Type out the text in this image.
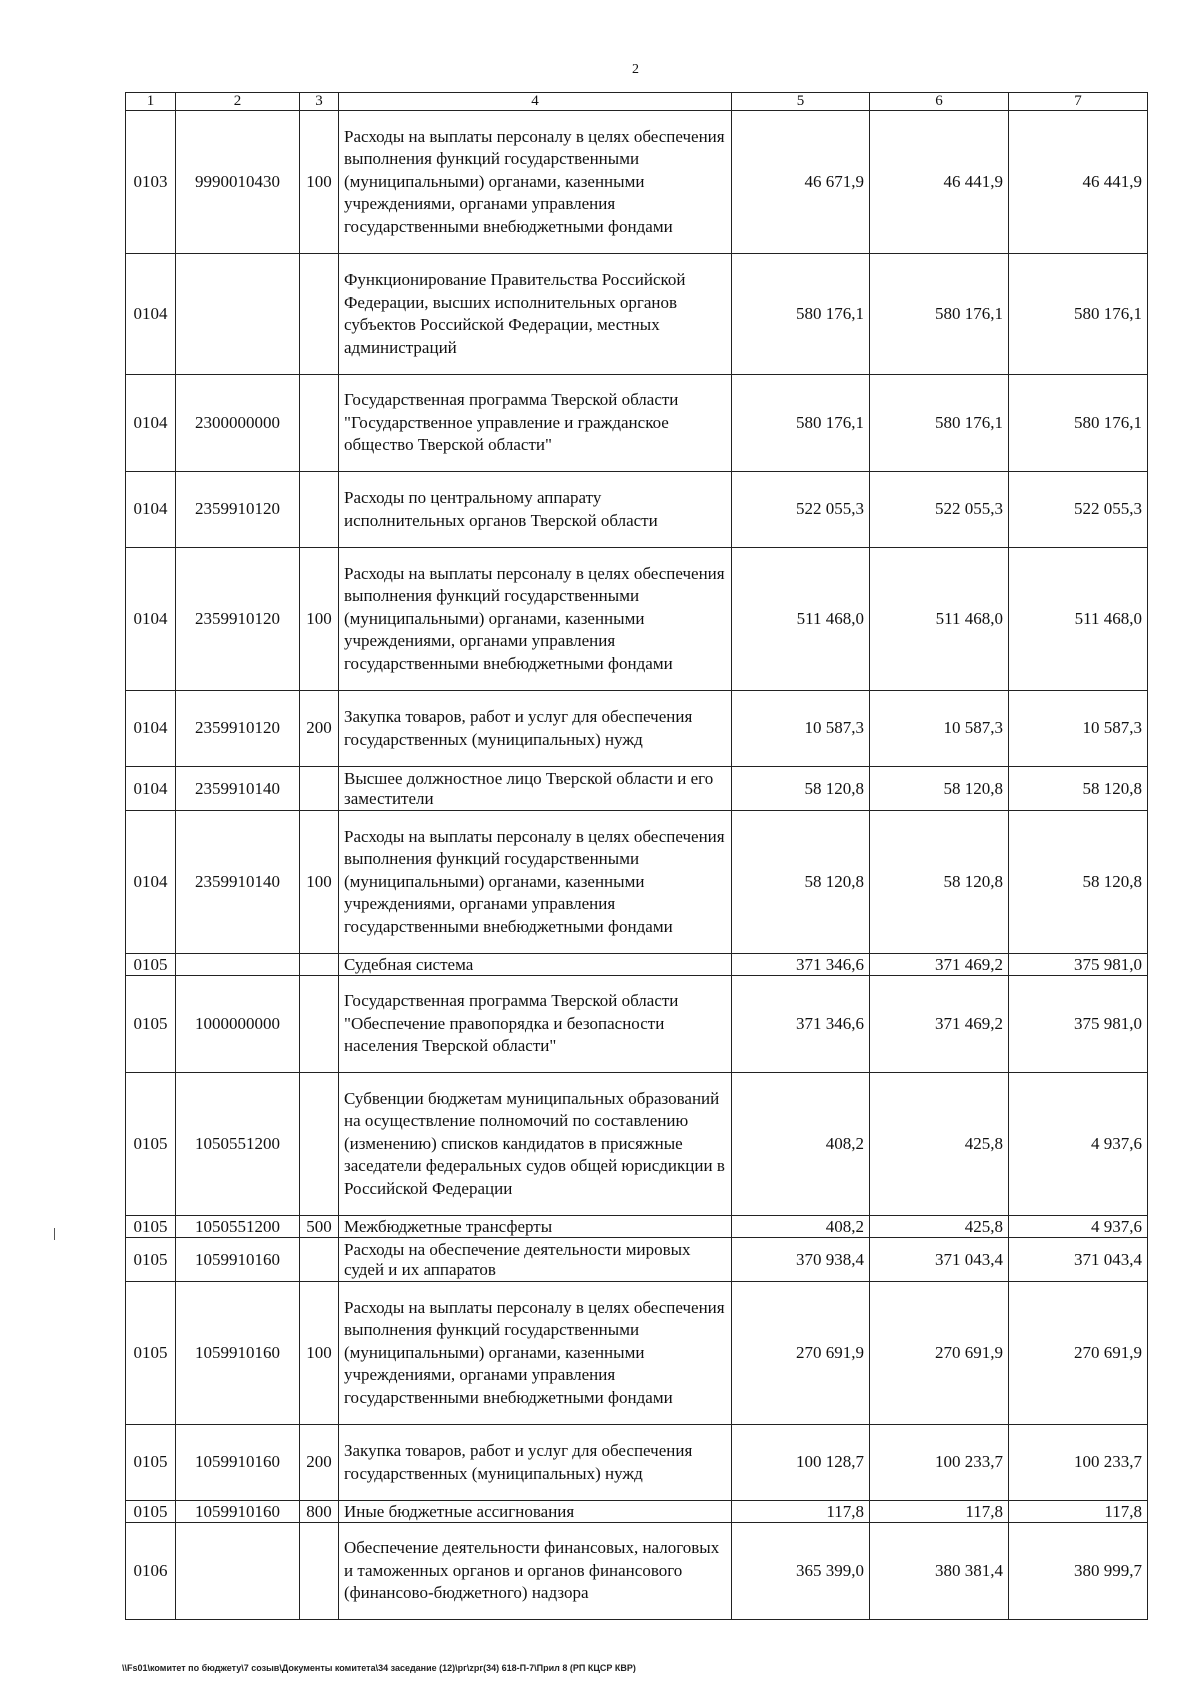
2
1	2	3	4	5	6	7
0103	9990010430	100	Расходы на выплаты персоналу в целях обеспечения выполнения функций государственными (муниципальными) органами, казенными учреждениями, органами управления государственными внебюджетными фондами	46 671,9	46 441,9	46 441,9
0104			Функционирование Правительства Российской Федерации, высших исполнительных органов субъектов Российской Федерации, местных администраций	580 176,1	580 176,1	580 176,1
0104	2300000000		Государственная программа Тверской области "Государственное управление и гражданское общество Тверской области"	580 176,1	580 176,1	580 176,1
0104	2359910120		Расходы по центральному аппарату исполнительных органов Тверской области	522 055,3	522 055,3	522 055,3
0104	2359910120	100	Расходы на выплаты персоналу в целях обеспечения выполнения функций государственными (муниципальными) органами, казенными учреждениями, органами управления государственными внебюджетными фондами	511 468,0	511 468,0	511 468,0
0104	2359910120	200	Закупка товаров, работ и услуг для обеспечения государственных (муниципальных) нужд	10 587,3	10 587,3	10 587,3
0104	2359910140		Высшее должностное лицо Тверской области и его заместители	58 120,8	58 120,8	58 120,8
0104	2359910140	100	Расходы на выплаты персоналу в целях обеспечения выполнения функций государственными (муниципальными) органами, казенными учреждениями, органами управления государственными внебюджетными фондами	58 120,8	58 120,8	58 120,8
0105			Судебная система	371 346,6	371 469,2	375 981,0
0105	1000000000		Государственная программа Тверской области "Обеспечение правопорядка и безопасности населения Тверской области"	371 346,6	371 469,2	375 981,0
0105	1050551200		Субвенции бюджетам муниципальных образований на осуществление полномочий по составлению (изменению) списков кандидатов в присяжные заседатели федеральных судов общей юрисдикции в Российской Федерации	408,2	425,8	4 937,6
0105	1050551200	500	Межбюджетные трансферты	408,2	425,8	4 937,6
0105	1059910160		Расходы на обеспечение деятельности мировых судей и их аппаратов	370 938,4	371 043,4	371 043,4
0105	1059910160	100	Расходы на выплаты персоналу в целях обеспечения выполнения функций государственными (муниципальными) органами, казенными учреждениями, органами управления государственными внебюджетными фондами	270 691,9	270 691,9	270 691,9
0105	1059910160	200	Закупка товаров, работ и услуг для обеспечения государственных (муниципальных) нужд	100 128,7	100 233,7	100 233,7
0105	1059910160	800	Иные бюджетные ассигнования	117,8	117,8	117,8
0106			Обеспечение деятельности финансовых, налоговых и таможенных органов и органов финансового (финансово-бюджетного) надзора	365 399,0	380 381,4	380 999,7
\\Fs01\комитет по бюджету\7 созыв\Документы комитета\34 заседание (12)\рг\zрг(34) 618-П-7\Прил 8 (РП КЦСР КВР)
